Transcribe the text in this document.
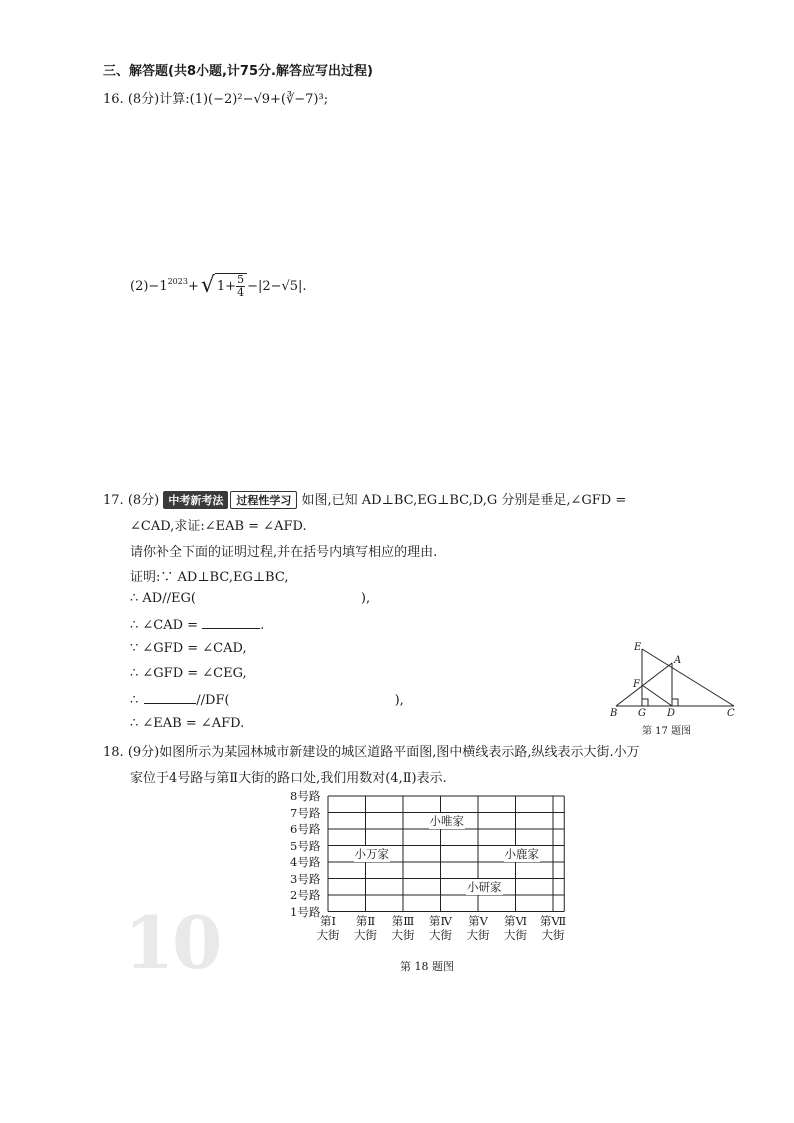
三、解答题(共8小题,计75分.解答应写出过程)
16. (8分)计算:(1)(−2)²−√9+(∛−7)³;
$(2) -1^{2023}$ + √ $1+ \frac{5}{4} -|2-√5|$.
17. (8分) 中考新考法 过程性学习 如图,已知 AD⊥BC,EG⊥BC,D,G 分别是垂足,∠GFD =
∠CAD,求证:∠EAB = ∠AFD.
请你补全下面的证明过程,并在括号内填写相应的理由.
证明:∵ AD⊥BC,EG⊥BC,
∴ AD//EG(	),
∴ ∠CAD =	.
∵ ∠GFD = ∠CAD,
∴ ∠GFD = ∠CEG,
∴	//DF(	),
∴ ∠EAB = ∠AFD.
E
A
F
B G D	C
第 17 题图
18. (9分)如图所示为某园林城市新建设的城区道路平面图,图中横线表示路,纵线表示大街.小万
家位于4号路与第Ⅱ大街的路口处,我们用数对(4,Ⅱ)表示.
8号路
7号路
6号路
5号路
4号路
3号路
2号路
1号路
小唯家
小万家	小鹿家
小研家
第Ⅰ
大街
第Ⅱ
大街
第Ⅲ
大街
第Ⅳ
大街
第Ⅴ
大街
第Ⅵ
大街
第Ⅶ
大街
第 18 题图
10
